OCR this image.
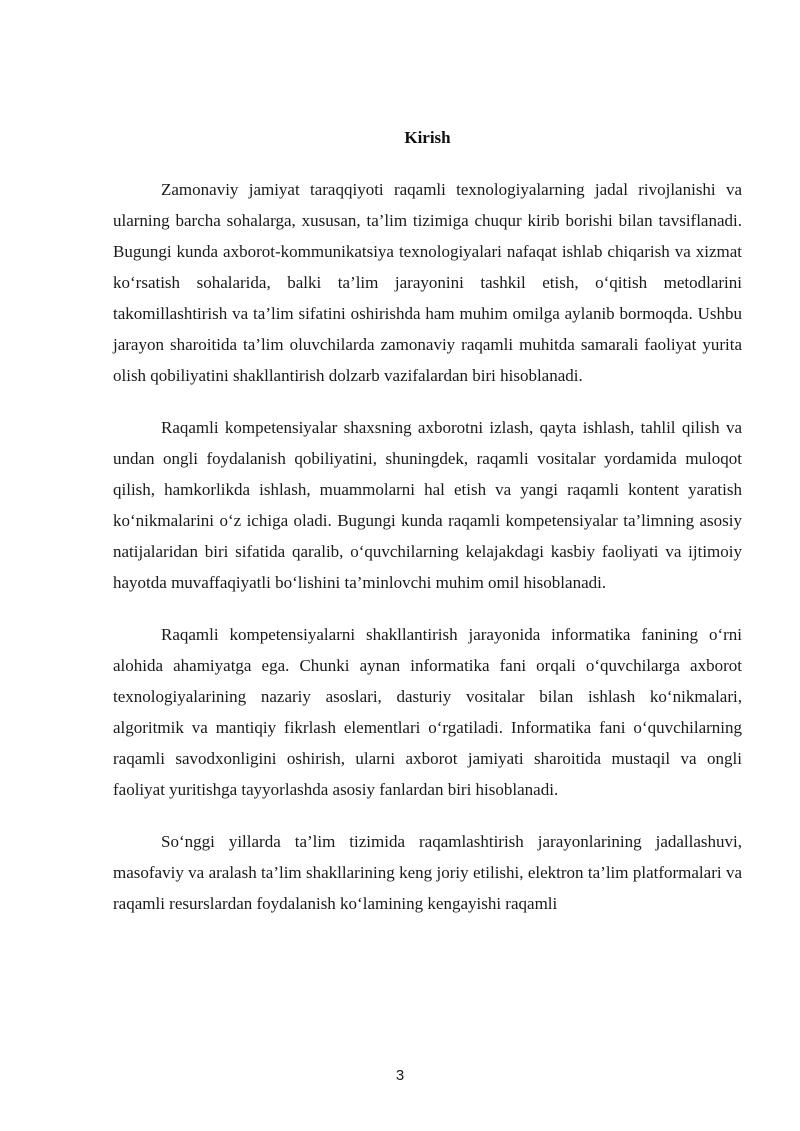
Kirish

Zamonaviy jamiyat taraqqiyoti raqamli texnologiyalarning jadal rivojlanishi va ularning barcha sohalarga, xususan, ta’lim tizimiga chuqur kirib borishi bilan tavsiflanadi. Bugungi kunda axborot-kommunikatsiya texnologiyalari nafaqat ishlab chiqarish va xizmat ko‘rsatish sohalarida, balki ta’lim jarayonini tashkil etish, o‘qitish metodlarini takomillashtirish va ta’lim sifatini oshirishda ham muhim omilga aylanib bormoqda. Ushbu jarayon sharoitida ta’lim oluvchilarda zamonaviy raqamli muhitda samarali faoliyat yurita olish qobiliyatini shakllantirish dolzarb vazifalardan biri hisoblanadi.

Raqamli kompetensiyalar shaxsning axborotni izlash, qayta ishlash, tahlil qilish va undan ongli foydalanish qobiliyatini, shuningdek, raqamli vositalar yordamida muloqot qilish, hamkorlikda ishlash, muammolarni hal etish va yangi raqamli kontent yaratish ko‘nikmalarini o‘z ichiga oladi. Bugungi kunda raqamli kompetensiyalar ta’limning asosiy natijalaridan biri sifatida qaralib, o‘quvchilarning kelajakdagi kasbiy faoliyati va ijtimoiy hayotda muvaffaqiyatli bo‘lishini ta’minlovchi muhim omil hisoblanadi.

Raqamli kompetensiyalarni shakllantirish jarayonida informatika fanining o‘rni alohida ahamiyatga ega. Chunki aynan informatika fani orqali o‘quvchilarga axborot texnologiyalarining nazariy asoslari, dasturiy vositalar bilan ishlash ko‘nikmalari, algoritmik va mantiqiy fikrlash elementlari o‘rgatiladi. Informatika fani o‘quvchilarning raqamli savodxonligini oshirish, ularni axborot jamiyati sharoitida mustaqil va ongli faoliyat yuritishga tayyorlashda asosiy fanlardan biri hisoblanadi.

So‘nggi yillarda ta’lim tizimida raqamlashtirish jarayonlarining jadallashuvi, masofaviy va aralash ta’lim shakllarining keng joriy etilishi, elektron ta’lim platformalari va raqamli resurslardan foydalanish ko‘lamining kengayishi raqamli

3
